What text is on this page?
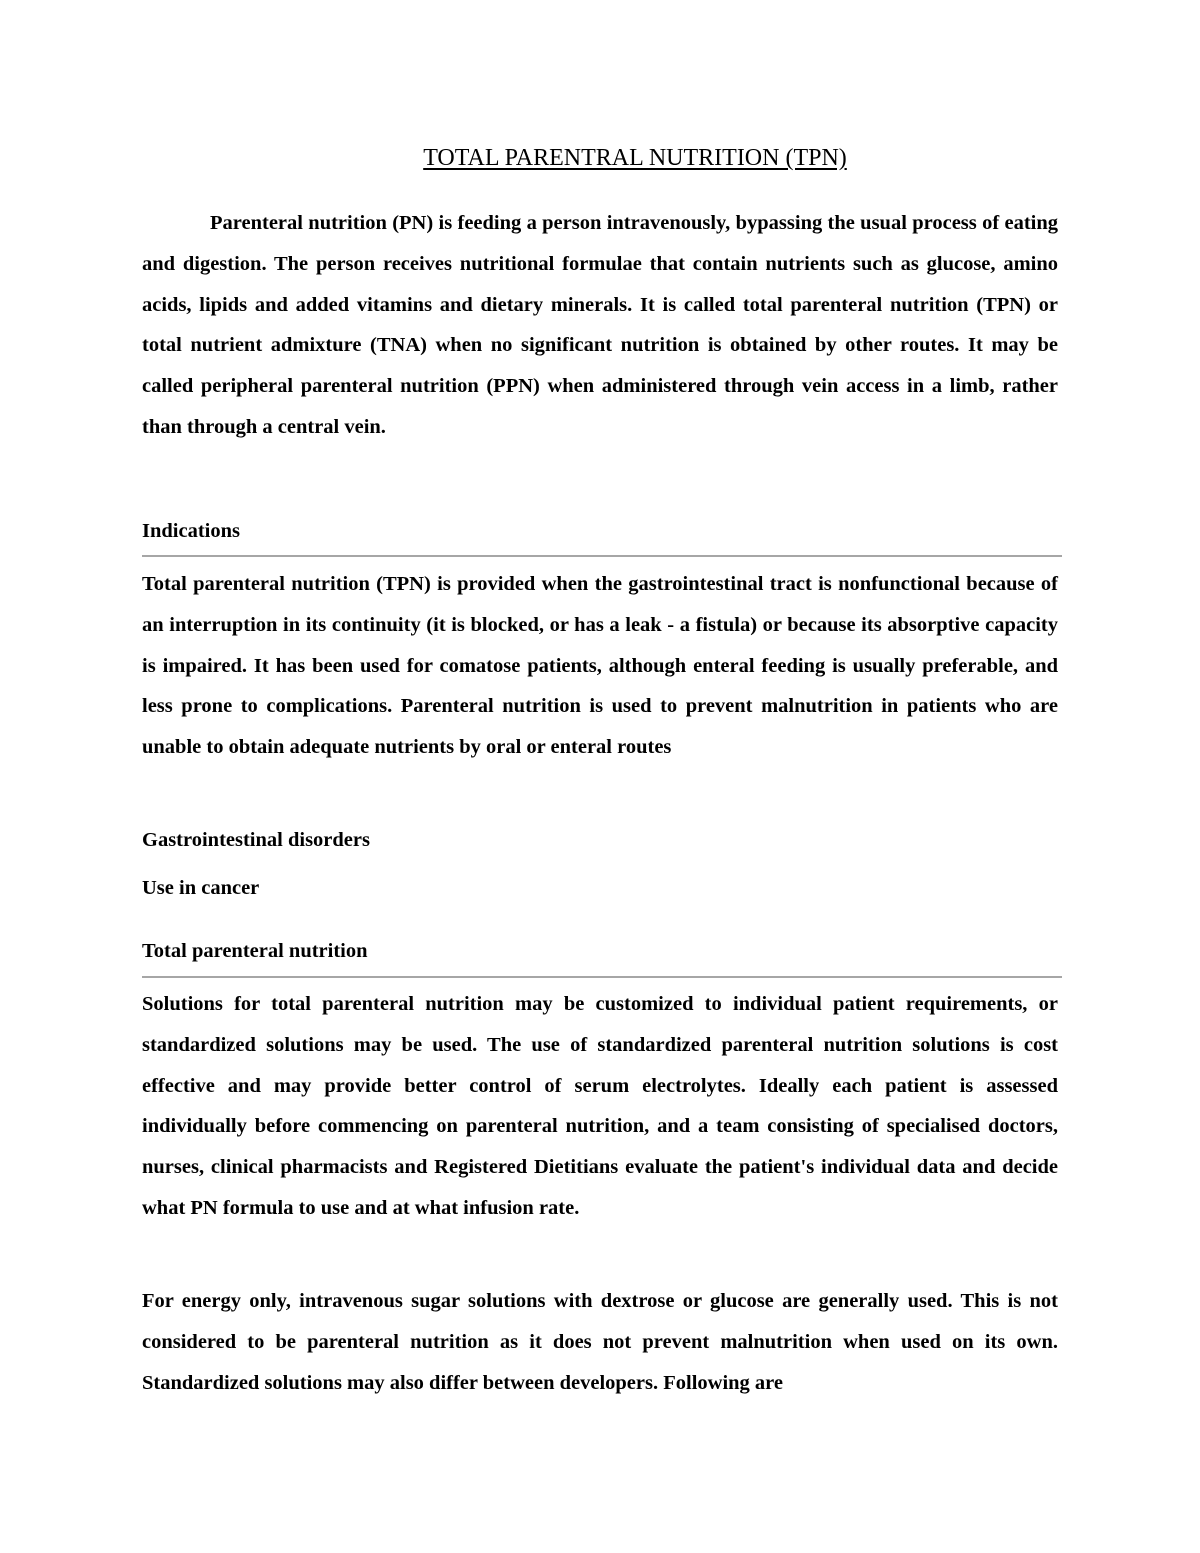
TOTAL PARENTRAL NUTRITION (TPN)

Parenteral nutrition (PN) is feeding a person intravenously, bypassing the usual process of eating and digestion. The person receives nutritional formulae that contain nutrients such as glucose, amino acids, lipids and added vitamins and dietary minerals. It is called total parenteral nutrition (TPN) or total nutrient admixture (TNA) when no significant nutrition is obtained by other routes. It may be called peripheral parenteral nutrition (PPN) when administered through vein access in a limb, rather than through a central vein.

Indications

Total parenteral nutrition (TPN) is provided when the gastrointestinal tract is nonfunctional because of an interruption in its continuity (it is blocked, or has a leak - a fistula) or because its absorptive capacity is impaired. It has been used for comatose patients, although enteral feeding is usually preferable, and less prone to complications. Parenteral nutrition is used to prevent malnutrition in patients who are unable to obtain adequate nutrients by oral or enteral routes

Gastrointestinal disorders

Use in cancer

Total parenteral nutrition

Solutions for total parenteral nutrition may be customized to individual patient requirements, or standardized solutions may be used. The use of standardized parenteral nutrition solutions is cost effective and may provide better control of serum electrolytes. Ideally each patient is assessed individually before commencing on parenteral nutrition, and a team consisting of specialised doctors, nurses, clinical pharmacists and Registered Dietitians evaluate the patient's individual data and decide what PN formula to use and at what infusion rate.

For energy only, intravenous sugar solutions with dextrose or glucose are generally used. This is not considered to be parenteral nutrition as it does not prevent malnutrition when used on its own. Standardized solutions may also differ between developers. Following are
